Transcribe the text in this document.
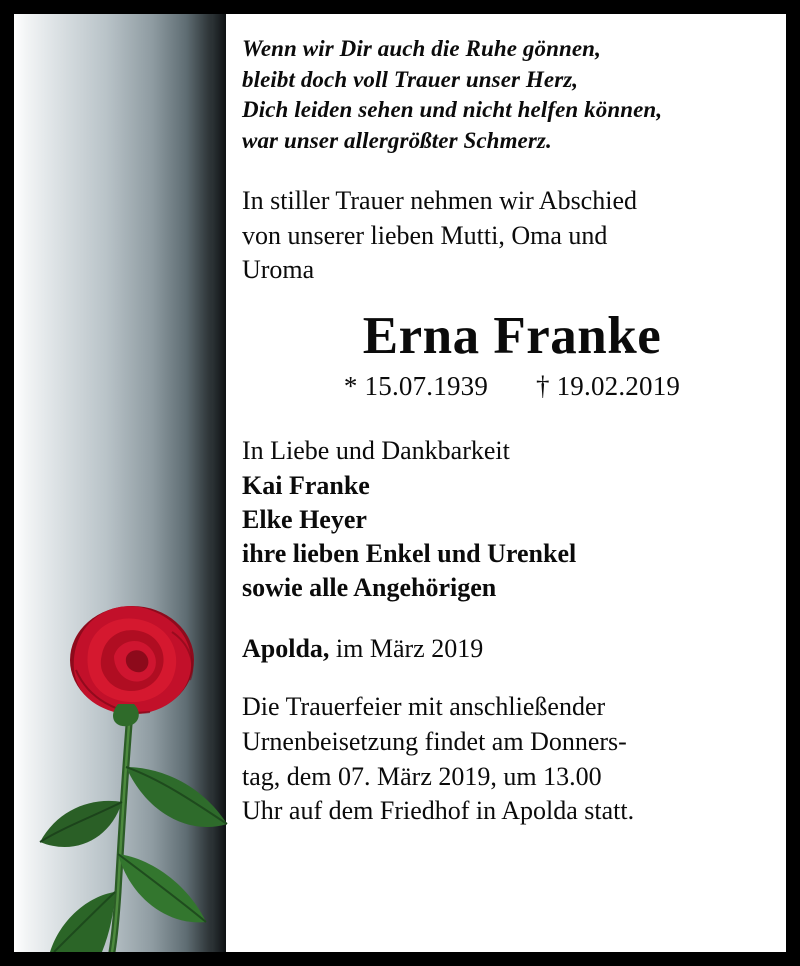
Wenn wir Dir auch die Ruhe gönnen,
bleibt doch voll Trauer unser Herz,
Dich leiden sehen und nicht helfen können,
war unser allergrößter Schmerz.
In stiller Trauer nehmen wir Abschied
von unserer lieben Mutti, Oma und
Uroma
Erna Franke
* 15.07.1939 † 19.02.2019
In Liebe und Dankbarkeit
Kai Franke
Elke Heyer
ihre lieben Enkel und Urenkel
sowie alle Angehörigen
Apolda, im März 2019
Die Trauerfeier mit anschließender
Urnenbeisetzung findet am Donners-
tag, dem 07. März 2019, um 13.00
Uhr auf dem Friedhof in Apolda statt.
